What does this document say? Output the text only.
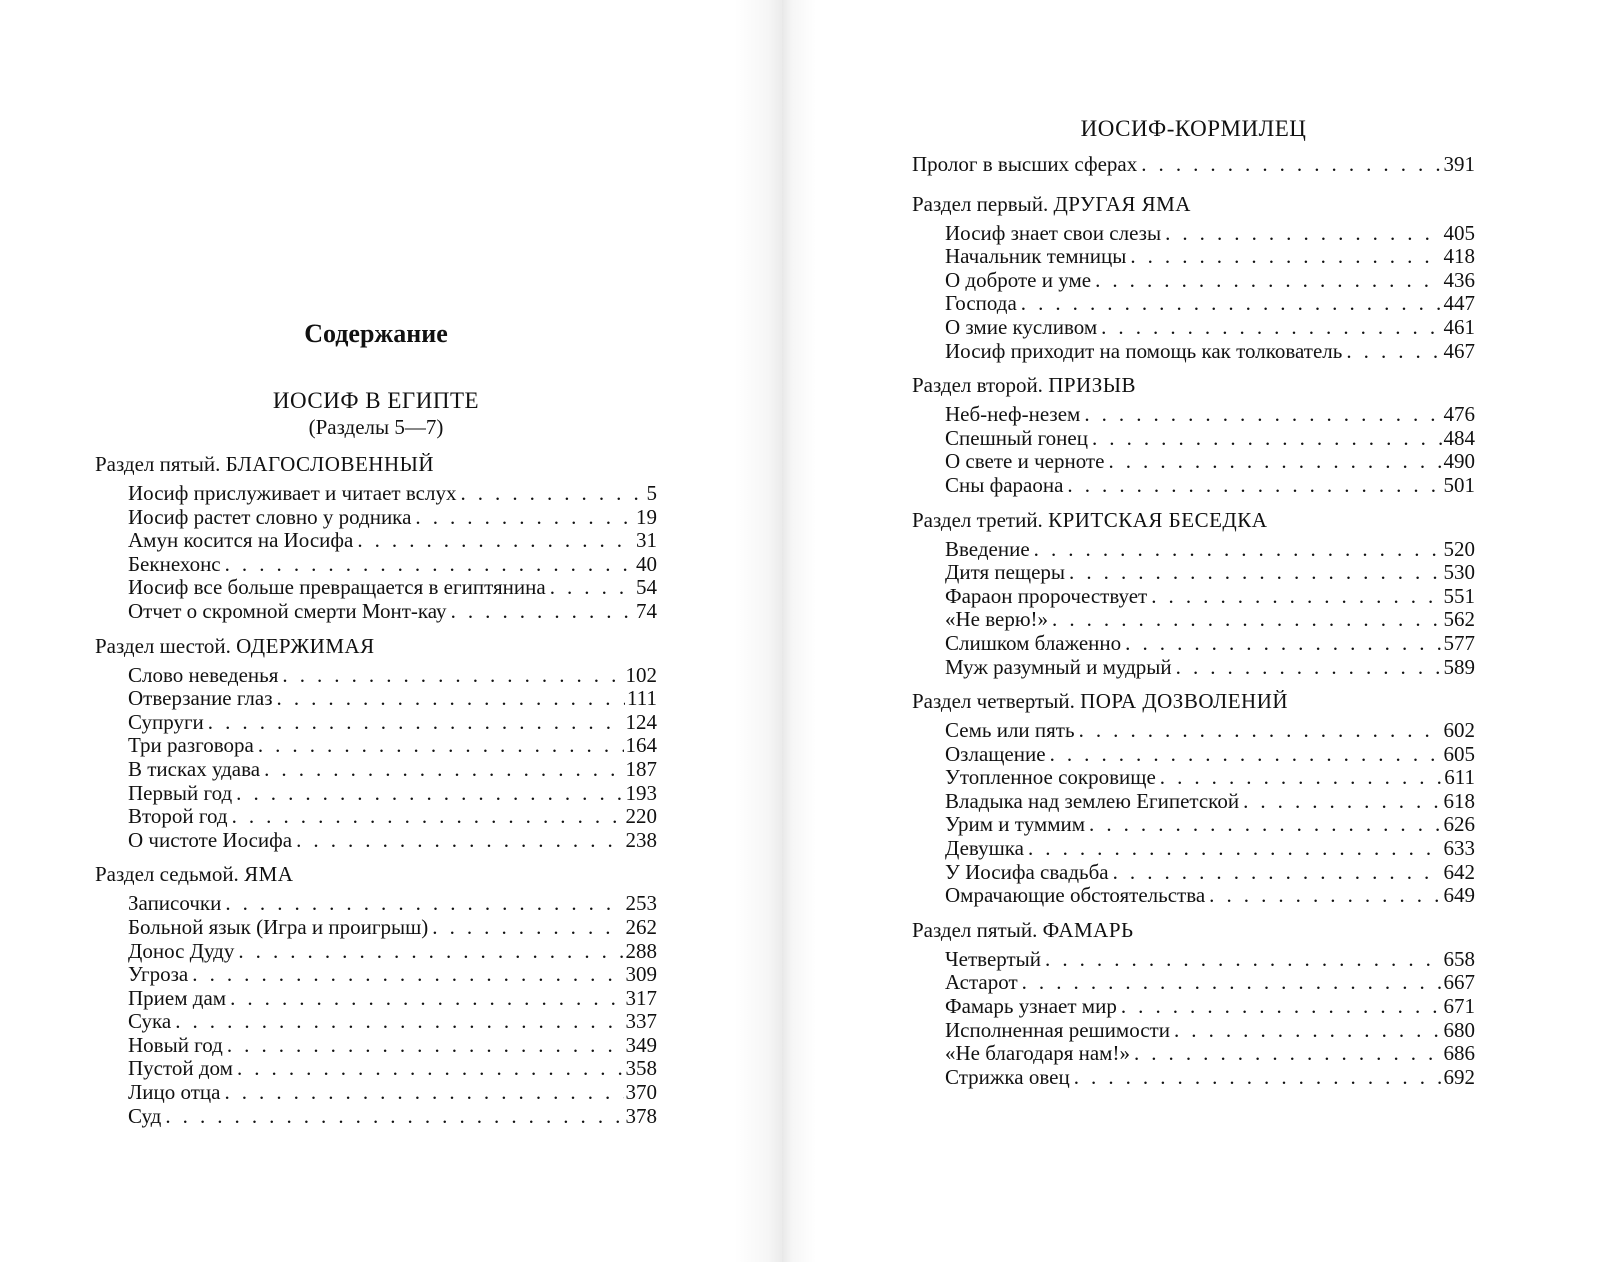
Содержание
ИОСИФ В ЕГИПТЕ
(Разделы 5—7)
Раздел пятый. БЛАГОСЛОВЕННЫЙ
Иосиф прислуживает и читает вслух . . .	5
Иосиф растет словно у родника . . .	19
Амун косится на Иосифа . . .	31
Бекнехонс . . .	40
Иосиф все больше превращается в египтянина . . .	54
Отчет о скромной смерти Монт-кау . . .	74
Раздел шестой. ОДЕРЖИМАЯ
Слово неведенья . . .	102
Отверзание глаз . . .	111
Супруги . . .	124
Три разговора . . .	164
В тисках удава . . .	187
Первый год . . .	193
Второй год . . .	220
О чистоте Иосифа . . .	238
Раздел седьмой. ЯМА
Записочки . . .	253
Больной язык (Игра и проигрыш) . . .	262
Донос Дуду . . .	288
Угроза . . .	309
Прием дам . . .	317
Сука . . .	337
Новый год . . .	349
Пустой дом . . .	358
Лицо отца . . .	370
Суд . . .	378
ИОСИФ-КОРМИЛЕЦ
Пролог в высших сферах . . .	391
Раздел первый. ДРУГАЯ ЯМА
Иосиф знает свои слезы . . .	405
Начальник темницы . . .	418
О доброте и уме . . .	436
Господа . . .	447
О змие кусливом . . .	461
Иосиф приходит на помощь как толкователь . . .	467
Раздел второй. ПРИЗЫВ
Неб-неф-незем . . .	476
Спешный гонец . . .	484
О свете и черноте . . .	490
Сны фараона . . .	501
Раздел третий. КРИТСКАЯ БЕСЕДКА
Введение . . .	520
Дитя пещеры . . .	530
Фараон пророчествует . . .	551
«Не верю!» . . .	562
Слишком блаженно . . .	577
Муж разумный и мудрый . . .	589
Раздел четвертый. ПОРА ДОЗВОЛЕНИЙ
Семь или пять . . .	602
Озлащение . . .	605
Утопленное сокровище . . .	611
Владыка над землею Египетской . . .	618
Урим и туммим . . .	626
Девушка . . .	633
У Иосифа свадьба . . .	642
Омрачающие обстоятельства . . .	649
Раздел пятый. ФАМАРЬ
Четвертый . . .	658
Астарот . . .	667
Фамарь узнает мир . . .	671
Исполненная решимости . . .	680
«Не благодаря нам!» . . .	686
Стрижка овец . . .	692
